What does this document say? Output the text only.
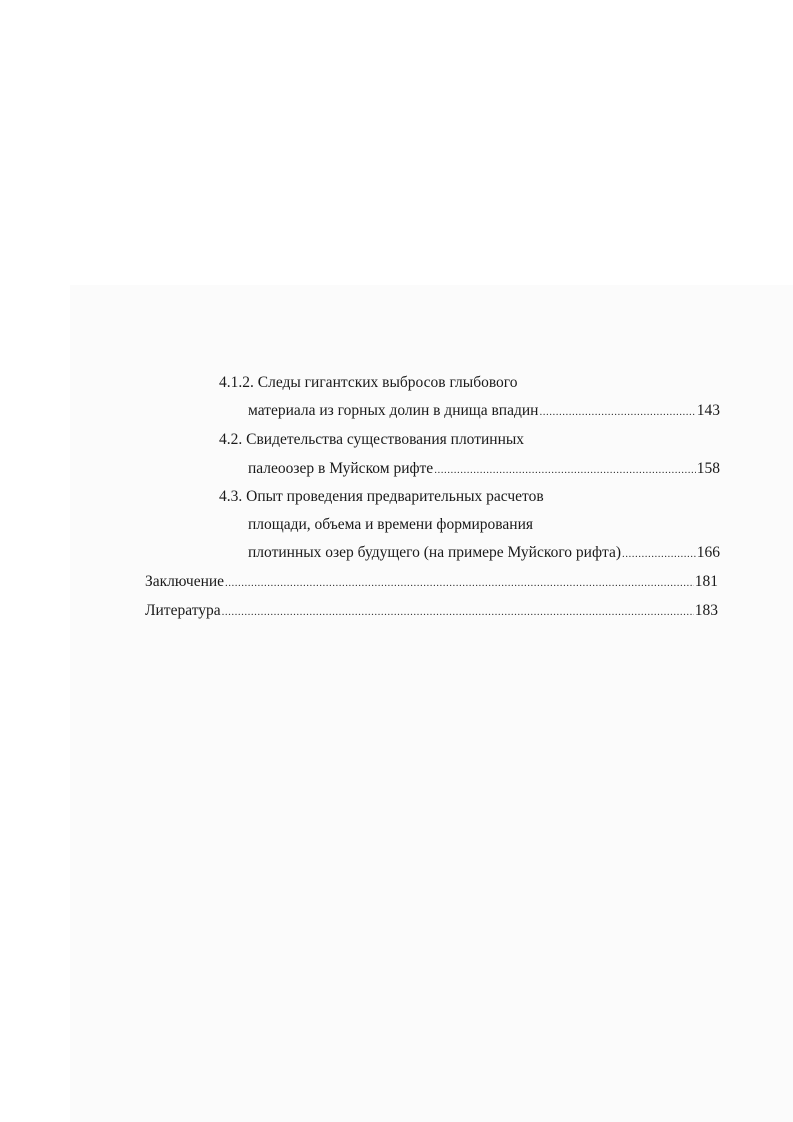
4.1.2. Следы гигантских выбросов глыбового
материала из горных долин в днища впадин .....	143
4.2. Свидетельства существования плотинных
палеоозер в Муйском рифте .....	158
4.3. Опыт проведения предварительных расчетов
площади, объема и времени формирования
плотинных озер будущего (на примере Муйского рифта) .....	166
Заключение .....	181
Литература .....	183
